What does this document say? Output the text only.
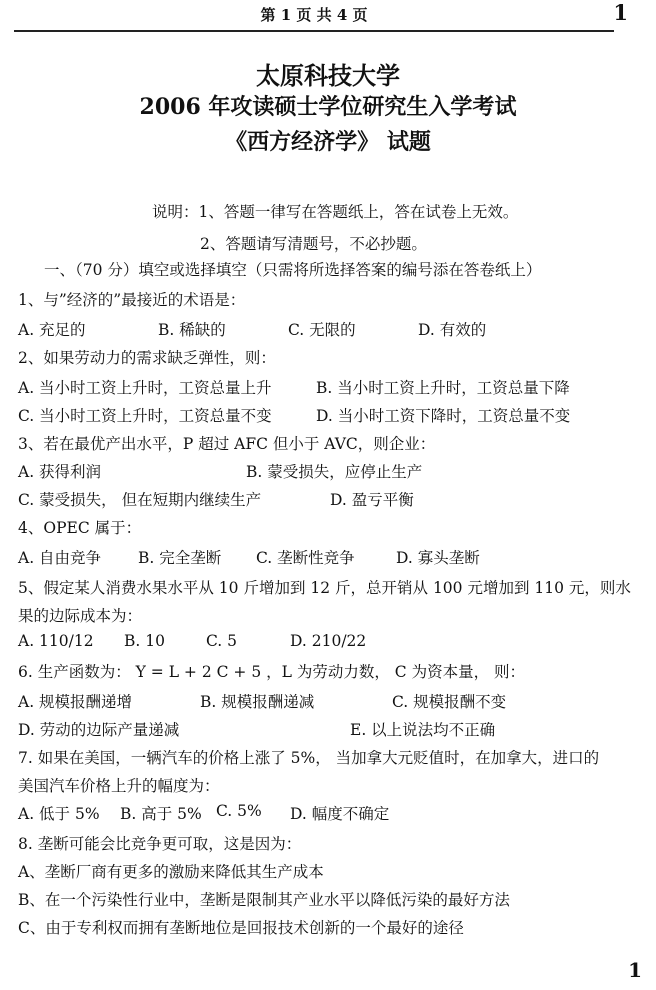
第 1 页 共 4 页	1
太原科技大学
2006 年攻读硕士学位研究生入学考试
《西方经济学》 试题
说明：1、答题一律写在答题纸上，答在试卷上无效。
2、答题请写清题号，不必抄题。
一、（70 分）填空或选择填空（只需将所选择答案的编号添在答卷纸上）
1、与”经济的”最接近的术语是：
A. 充足的	B. 稀缺的	C. 无限的	D. 有效的
2、如果劳动力的需求缺乏弹性，则：
A. 当小时工资上升时，工资总量上升	B. 当小时工资上升时，工资总量下降
C. 当小时工资上升时，工资总量不变	D. 当小时工资下降时，工资总量不变
3、若在最优产出水平，P 超过 AFC 但小于 AVC，则企业：
A. 获得利润	B. 蒙受损失，应停止生产
C. 蒙受损失， 但在短期内继续生产	D. 盈亏平衡
4、OPEC 属于：
A. 自由竞争 B. 完全垄断 C. 垄断性竞争	D. 寡头垄断
5、假定某人消费水果水平从 10 斤增加到 12 斤，总开销从 100 元增加到 110 元，则水
果的边际成本为：
A. 110/12 B. 10	C. 5	D. 210/22
6. 生产函数为： Y = L + 2 C + 5 ，L 为劳动力数， C 为资本量， 则：
A. 规模报酬递增	B. 规模报酬递减	C. 规模报酬不变
D. 劳动的边际产量递减	E. 以上说法均不正确
7. 如果在美国，一辆汽车的价格上涨了 5%， 当加拿大元贬值时，在加拿大，进口的
美国汽车价格上升的幅度为：
A. 低于 5% B. 高于 5% C. 5% D. 幅度不确定
8. 垄断可能会比竞争更可取，这是因为：
A、垄断厂商有更多的激励来降低其生产成本
B、在一个污染性行业中，垄断是限制其产业水平以降低污染的最好方法
C、由于专利权而拥有垄断地位是回报技术创新的一个最好的途径
1
